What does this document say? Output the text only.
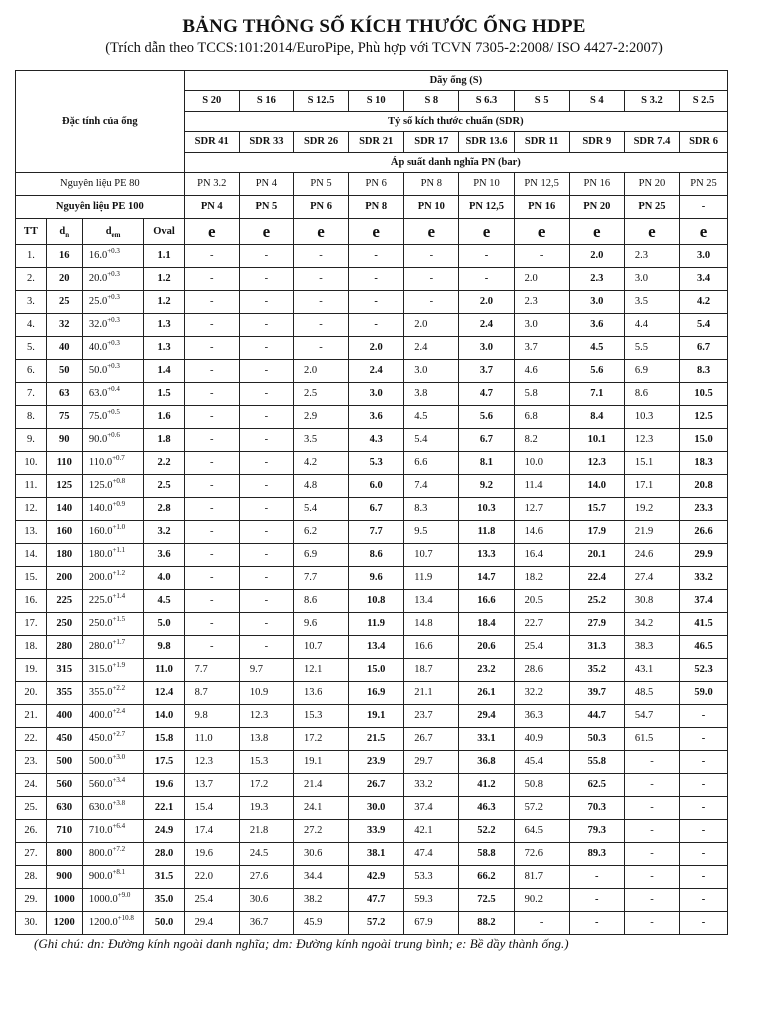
BẢNG THÔNG SỐ KÍCH THƯỚC ỐNG HDPE
(Trích dẫn theo TCCS:101:2014/EuroPipe, Phù hợp với TCVN 7305-2:2008/ ISO 4427-2:2007)
Đặc tính của ống				Dãy ống (S)									
				S 20	S 16	S 12.5	S 10	S 8	S 6.3	S 5	S 4	S 3.2	S 2.5
				Tỷ số kích thước chuẩn (SDR)									
				SDR 41	SDR 33	SDR 26	SDR 21	SDR 17	SDR 13.6	SDR 11	SDR 9	SDR 7.4	SDR 6
				Áp suất danh nghĩa PN (bar)									
Nguyên liệu PE 80				PN 3.2	PN 4	PN 5	PN 6	PN 8	PN 10	PN 12,5	PN 16	PN 20	PN 25
Nguyên liệu PE 100				PN 4	PN 5	PN 6	PN 8	PN 10	PN 12,5	PN 16	PN 20	PN 25	-
TT	$d_n$	$d_{em}$	Oval	e	e	e	e	e	e	e	e	e	e
1.	16	$16.0^{+0.3}$	1.1	-	-	-	-	-	-	-	2.0	2.3	3.0
2.	20	$20.0^{+0.3}$	1.2	-	-	-	-	-	-	2.0	2.3	3.0	3.4
3.	25	$25.0^{+0.3}$	1.2	-	-	-	-	-	2.0	2.3	3.0	3.5	4.2
4.	32	$32.0^{+0.3}$	1.3	-	-	-	-	2.0	2.4	3.0	3.6	4.4	5.4
5.	40	$40.0^{+0.3}$	1.3	-	-	-	2.0	2.4	3.0	3.7	4.5	5.5	6.7
6.	50	$50.0^{+0.3}$	1.4	-	-	2.0	2.4	3.0	3.7	4.6	5.6	6.9	8.3
7.	63	$63.0^{+0.4}$	1.5	-	-	2.5	3.0	3.8	4.7	5.8	7.1	8.6	10.5
8.	75	$75.0^{+0.5}$	1.6	-	-	2.9	3.6	4.5	5.6	6.8	8.4	10.3	12.5
9.	90	$90.0^{+0.6}$	1.8	-	-	3.5	4.3	5.4	6.7	8.2	10.1	12.3	15.0
10.	110	$110.0^{+0.7}$	2.2	-	-	4.2	5.3	6.6	8.1	10.0	12.3	15.1	18.3
11.	125	$125.0^{+0.8}$	2.5	-	-	4.8	6.0	7.4	9.2	11.4	14.0	17.1	20.8
12.	140	$140.0^{+0.9}$	2.8	-	-	5.4	6.7	8.3	10.3	12.7	15.7	19.2	23.3
13.	160	$160.0^{+1.0}$	3.2	-	-	6.2	7.7	9.5	11.8	14.6	17.9	21.9	26.6
14.	180	$180.0^{+1.1}$	3.6	-	-	6.9	8.6	10.7	13.3	16.4	20.1	24.6	29.9
15.	200	$200.0^{+1.2}$	4.0	-	-	7.7	9.6	11.9	14.7	18.2	22.4	27.4	33.2
16.	225	$225.0^{+1.4}$	4.5	-	-	8.6	10.8	13.4	16.6	20.5	25.2	30.8	37.4
17.	250	$250.0^{+1.5}$	5.0	-	-	9.6	11.9	14.8	18.4	22.7	27.9	34.2	41.5
18.	280	$280.0^{+1.7}$	9.8	-	-	10.7	13.4	16.6	20.6	25.4	31.3	38.3	46.5
19.	315	$315.0^{+1.9}$	11.0	7.7	9.7	12.1	15.0	18.7	23.2	28.6	35.2	43.1	52.3
20.	355	$355.0^{+2.2}$	12.4	8.7	10.9	13.6	16.9	21.1	26.1	32.2	39.7	48.5	59.0
21.	400	$400.0^{+2.4}$	14.0	9.8	12.3	15.3	19.1	23.7	29.4	36.3	44.7	54.7	-
22.	450	$450.0^{+2.7}$	15.8	11.0	13.8	17.2	21.5	26.7	33.1	40.9	50.3	61.5	-
23.	500	$500.0^{+3.0}$	17.5	12.3	15.3	19.1	23.9	29.7	36.8	45.4	55.8	-	-
24.	560	$560.0^{+3.4}$	19.6	13.7	17.2	21.4	26.7	33.2	41.2	50.8	62.5	-	-
25.	630	$630.0^{+3.8}$	22.1	15.4	19.3	24.1	30.0	37.4	46.3	57.2	70.3	-	-
26.	710	$710.0^{+6.4}$	24.9	17.4	21.8	27.2	33.9	42.1	52.2	64.5	79.3	-	-
27.	800	$800.0^{+7.2}$	28.0	19.6	24.5	30.6	38.1	47.4	58.8	72.6	89.3	-	-
28.	900	$900.0^{+8.1}$	31.5	22.0	27.6	34.4	42.9	53.3	66.2	81.7	-	-	-
29.	1000	$1000.0^{+9.0}$	35.0	25.4	30.6	38.2	47.7	59.3	72.5	90.2	-	-	-
30.	1200	$1200.0^{+10.8}$	50.0	29.4	36.7	45.9	57.2	67.9	88.2	-	-	-	-
(Ghi chú: dn: Đường kính ngoài danh nghĩa; dm: Đường kính ngoài trung bình; e: Bề dầy thành ống.)
